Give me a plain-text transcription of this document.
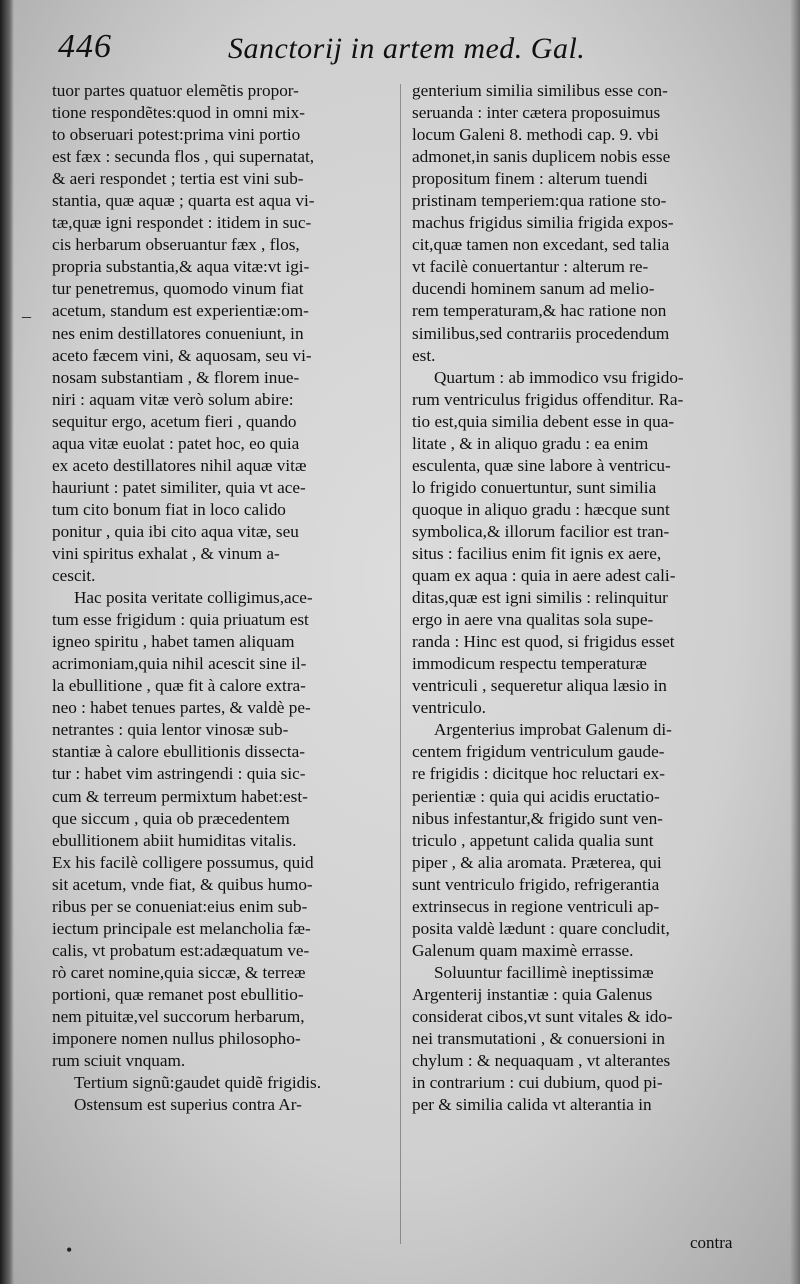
446	Sanctorij in artem med. Gal.
tuor partes quatuor elemẽtis propor-
tione respondẽtes:quod in omni mix-
to obseruari potest:prima vini portio
est fæx : secunda flos , qui supernatat,
& aeri respondet ; tertia est vini sub-
stantia, quæ aquæ ; quarta est aqua vi-
tæ,quæ igni respondet : itidem in suc-
cis herbarum obseruantur fæx , flos,
propria substantia,& aqua vitæ:vt igi-
tur penetremus, quomodo vinum fiat
acetum, standum est experientiæ:om-
nes enim destillatores conueniunt, in
aceto fæcem vini, & aquosam, seu vi-
nosam substantiam , & florem inue-
niri : aquam vitæ verò solum abire:
sequitur ergo, acetum fieri , quando
aqua vitæ euolat : patet hoc, eo quia
ex aceto destillatores nihil aquæ vitæ
hauriunt : patet similiter, quia vt ace-
tum cito bonum fiat in loco calido
ponitur , quia ibi cito aqua vitæ, seu
vini spiritus exhalat , & vinum a-
cescit.
Hac posita veritate colligimus,ace-
tum esse frigidum : quia priuatum est
igneo spiritu , habet tamen aliquam
acrimoniam,quia nihil acescit sine il-
la ebullitione , quæ fit à calore extra-
neo : habet tenues partes, & valdè pe-
netrantes : quia lentor vinosæ sub-
stantiæ à calore ebullitionis dissecta-
tur : habet vim astringendi : quia sic-
cum & terreum permixtum habet:est-
que siccum , quia ob præcedentem
ebullitionem abiit humiditas vitalis.
Ex his facilè colligere possumus, quid
sit acetum, vnde fiat, & quibus humo-
ribus per se conueniat:eius enim sub-
iectum principale est melancholia fæ-
calis, vt probatum est:adæquatum ve-
rò caret nomine,quia siccæ, & terreæ
portioni, quæ remanet post ebullitio-
nem pituitæ,vel succorum herbarum,
imponere nomen nullus philosopho-
rum sciuit vnquam.
Tertium signũ:gaudet quidẽ frigidis.
Ostensum est superius contra Ar-
genterium similia similibus esse con-
seruanda : inter cætera proposuimus
locum Galeni 8. methodi cap. 9. vbi
admonet,in sanis duplicem nobis esse
propositum finem : alterum tuendi
pristinam temperiem:qua ratione sto-
machus frigidus similia frigida expos-
cit,quæ tamen non excedant, sed talia
vt facilè conuertantur : alterum re-
ducendi hominem sanum ad melio-
rem temperaturam,& hac ratione non
similibus,sed contrariis procedendum
est.
Quartum : ab immodico vsu frigido-
rum ventriculus frigidus offenditur. Ra-
tio est,quia similia debent esse in qua-
litate , & in aliquo gradu : ea enim
esculenta, quæ sine labore à ventricu-
lo frigido conuertuntur, sunt similia
quoque in aliquo gradu : hæcque sunt
symbolica,& illorum facilior est tran-
situs : facilius enim fit ignis ex aere,
quam ex aqua : quia in aere adest cali-
ditas,quæ est igni similis : relinquitur
ergo in aere vna qualitas sola supe-
randa : Hinc est quod, si frigidus esset
immodicum respectu temperaturæ
ventriculi , sequeretur aliqua læsio in
ventriculo.
Argenterius improbat Galenum di-
centem frigidum ventriculum gaude-
re frigidis : dicitque hoc reluctari ex-
perientiæ : quia qui acidis eructatio-
nibus infestantur,& frigido sunt ven-
triculo , appetunt calida qualia sunt
piper , & alia aromata. Præterea, qui
sunt ventriculo frigido, refrigerantia
extrinsecus in regione ventriculi ap-
posita valdè lædunt : quare concludit,
Galenum quam maximè errasse.
Soluuntur facillimè ineptissimæ
Argenterij instantiæ : quia Galenus
considerat cibos,vt sunt vitales & ido-
nei transmutationi , & conuersioni in
chylum : & nequaquam , vt alterantes
in contrarium : cui dubium, quod pi-
per & similia calida vt alterantia in
contra
–
•
